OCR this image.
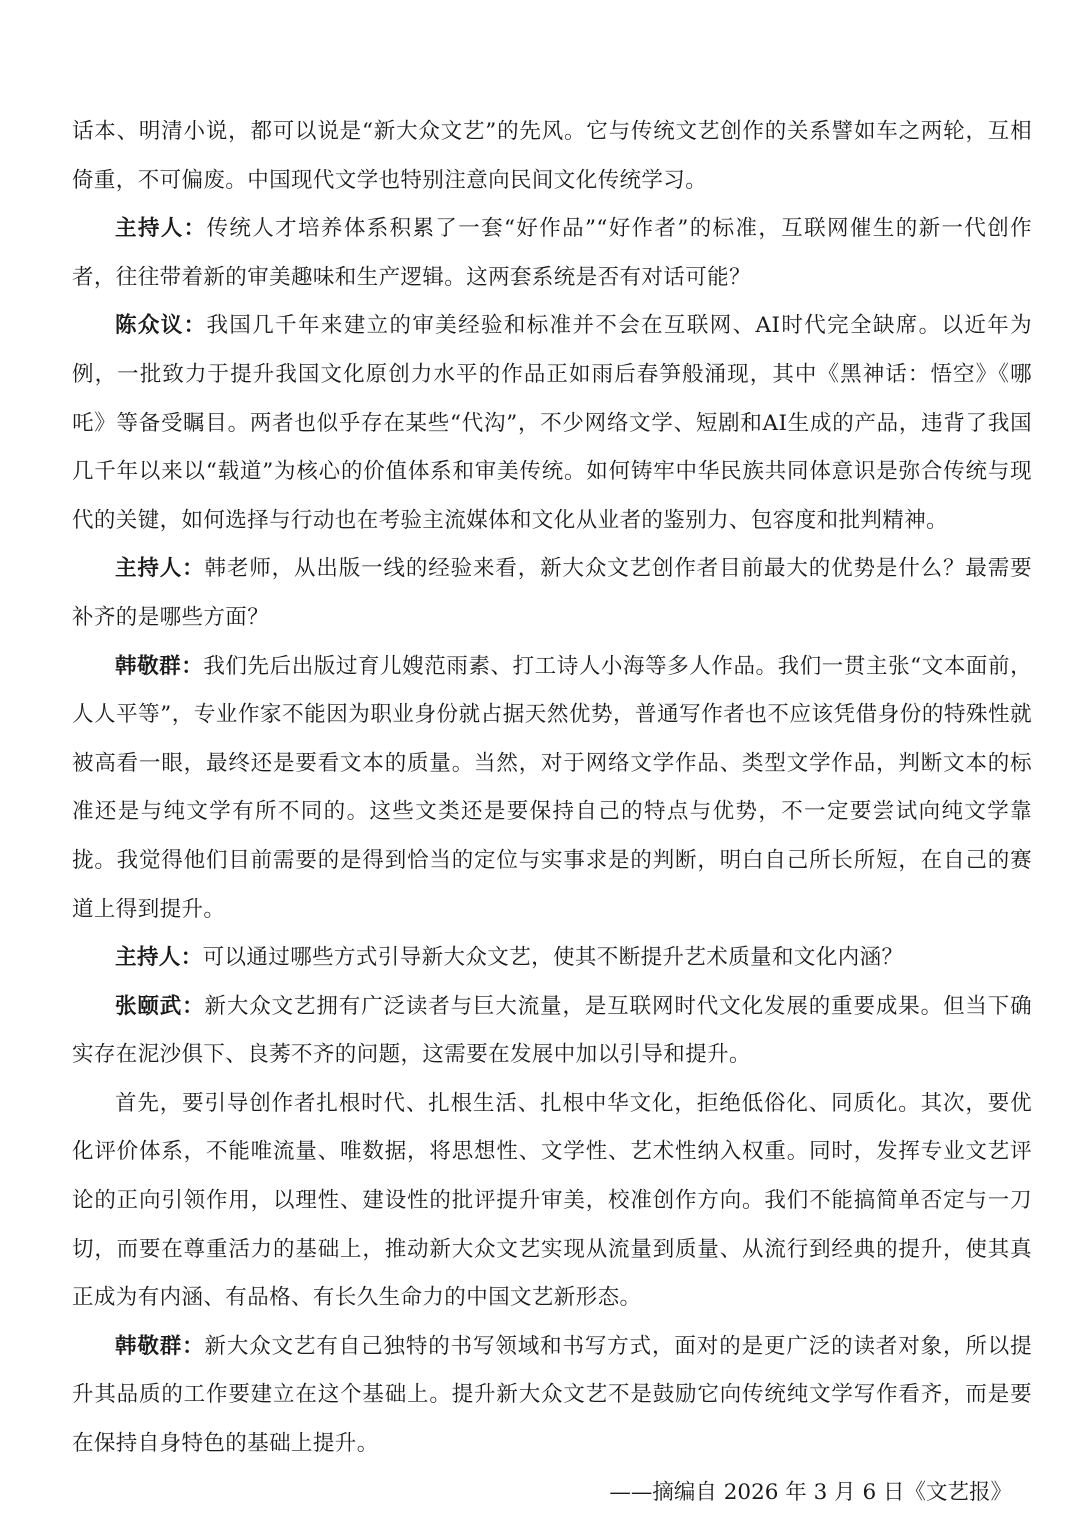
话本、明清小说，都可以说是“新大众文艺”的先风。它与传统文艺创作的关系譬如车之两轮，互相倚重，不可偏废。中国现代文学也特别注意向民间文化传统学习。

主持人：传统人才培养体系积累了一套“好作品”“好作者”的标准，互联网催生的新一代创作者，往往带着新的审美趣味和生产逻辑。这两套系统是否有对话可能？

陈众议：我国几千年来建立的审美经验和标准并不会在互联网、AI时代完全缺席。以近年为例，一批致力于提升我国文化原创力水平的作品正如雨后春笋般涌现，其中《黑神话：悟空》《哪吒》等备受瞩目。两者也似乎存在某些“代沟”，不少网络文学、短剧和AI生成的产品，违背了我国几千年以来以“载道”为核心的价值体系和审美传统。如何铸牢中华民族共同体意识是弥合传统与现代的关键，如何选择与行动也在考验主流媒体和文化从业者的鉴别力、包容度和批判精神。

主持人：韩老师，从出版一线的经验来看，新大众文艺创作者目前最大的优势是什么？最需要补齐的是哪些方面？

韩敬群：我们先后出版过育儿嫂范雨素、打工诗人小海等多人作品。我们一贯主张“文本面前，人人平等”，专业作家不能因为职业身份就占据天然优势，普通写作者也不应该凭借身份的特殊性就被高看一眼，最终还是要看文本的质量。当然，对于网络文学作品、类型文学作品，判断文本的标准还是与纯文学有所不同的。这些文类还是要保持自己的特点与优势，不一定要尝试向纯文学靠拢。我觉得他们目前需要的是得到恰当的定位与实事求是的判断，明白自己所长所短，在自己的赛道上得到提升。

主持人：可以通过哪些方式引导新大众文艺，使其不断提升艺术质量和文化内涵？

张颐武：新大众文艺拥有广泛读者与巨大流量，是互联网时代文化发展的重要成果。但当下确实存在泥沙俱下、良莠不齐的问题，这需要在发展中加以引导和提升。

首先，要引导创作者扎根时代、扎根生活、扎根中华文化，拒绝低俗化、同质化。其次，要优化评价体系，不能唯流量、唯数据，将思想性、文学性、艺术性纳入权重。同时，发挥专业文艺评论的正向引领作用，以理性、建设性的批评提升审美，校准创作方向。我们不能搞简单否定与一刀切，而要在尊重活力的基础上，推动新大众文艺实现从流量到质量、从流行到经典的提升，使其真正成为有内涵、有品格、有长久生命力的中国文艺新形态。

韩敬群：新大众文艺有自己独特的书写领域和书写方式，面对的是更广泛的读者对象，所以提升其品质的工作要建立在这个基础上。提升新大众文艺不是鼓励它向传统纯文学写作看齐，而是要在保持自身特色的基础上提升。

——摘编自 2026 年 3 月 6 日《文艺报》
